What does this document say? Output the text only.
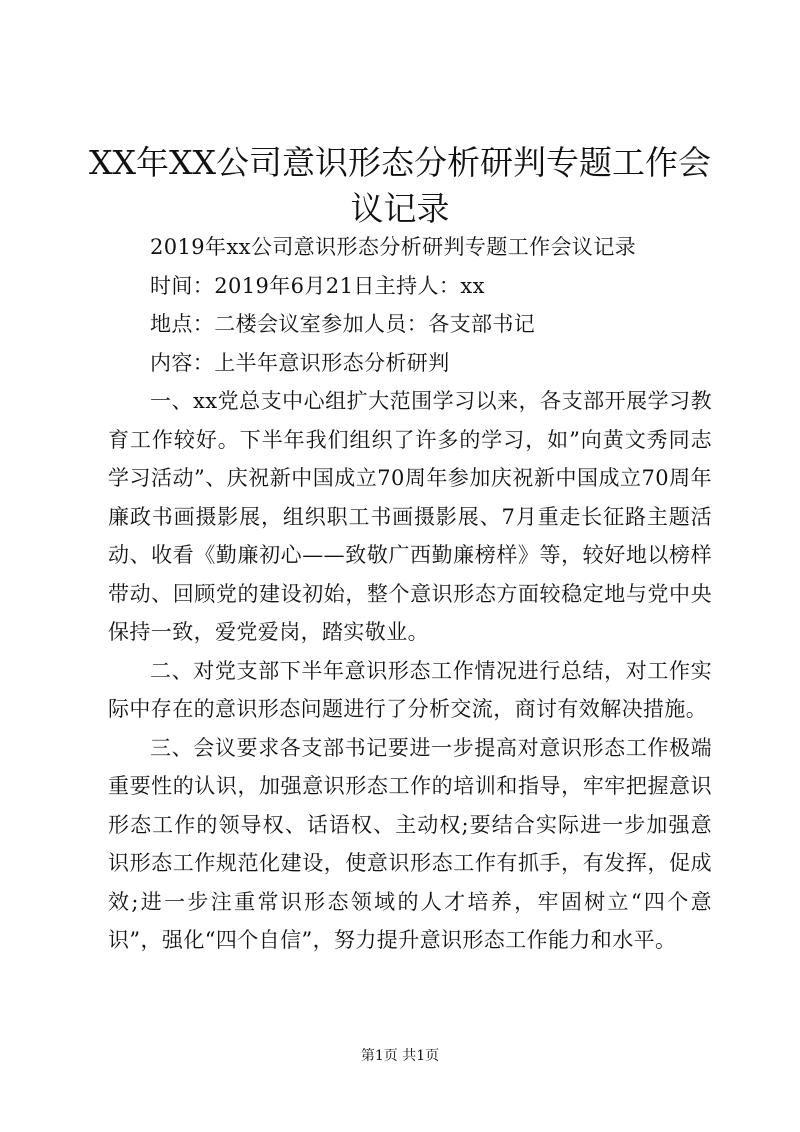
XX年XX公司意识形态分析研判专题工作会议记录

2019年xx公司意识形态分析研判专题工作会议记录

时间：2019年6月21日主持人：xx

地点：二楼会议室参加人员：各支部书记

内容：上半年意识形态分析研判

一、xx党总支中心组扩大范围学习以来，各支部开展学习教育工作较好。下半年我们组织了许多的学习，如”向黄文秀同志学习活动”、庆祝新中国成立70周年参加庆祝新中国成立70周年廉政书画摄影展，组织职工书画摄影展、7月重走长征路主题活动、收看《勤廉初心——致敬广西勤廉榜样》等，较好地以榜样带动、回顾党的建设初始，整个意识形态方面较稳定地与党中央保持一致，爱党爱岗，踏实敬业。

二、对党支部下半年意识形态工作情况进行总结，对工作实际中存在的意识形态问题进行了分析交流，商讨有效解决措施。

三、会议要求各支部书记要进一步提高对意识形态工作极端重要性的认识，加强意识形态工作的培训和指导，牢牢把握意识形态工作的领导权、话语权、主动权;要结合实际进一步加强意识形态工作规范化建设，使意识形态工作有抓手，有发挥，促成效;进一步注重常识形态领域的人才培养，牢固树立“四个意识”，强化“四个自信”，努力提升意识形态工作能力和水平。

第1页 共1页
